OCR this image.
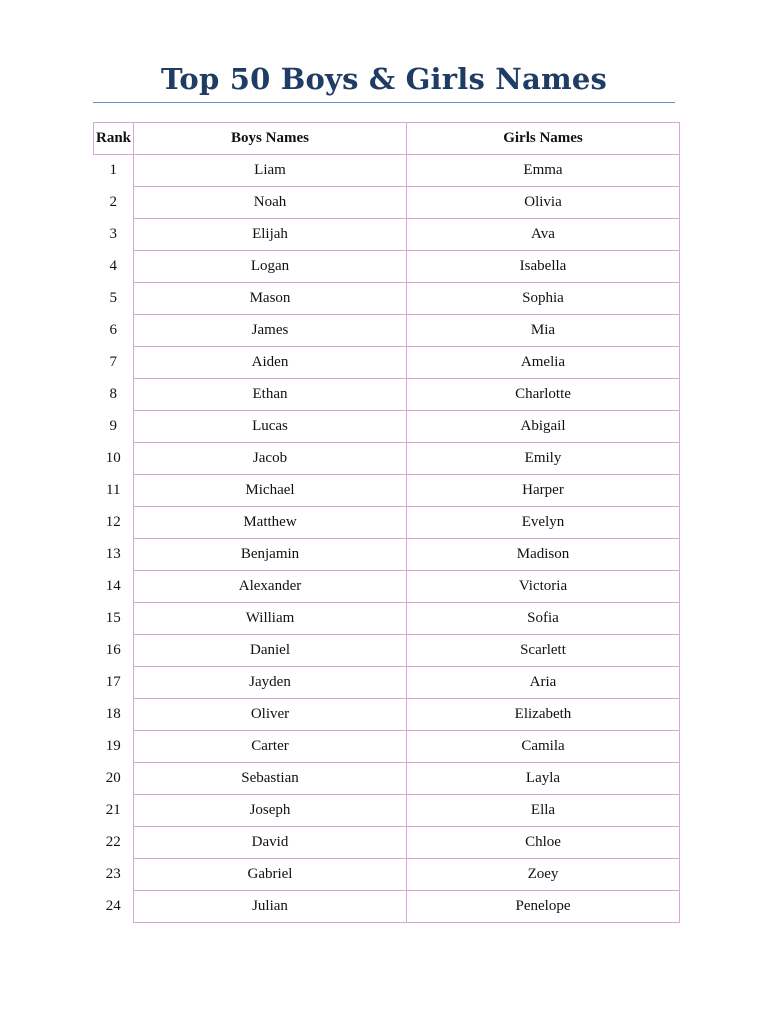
Top 50 Boys & Girls Names
Rank	Boys Names	Girls Names
1	Liam	Emma
2	Noah	Olivia
3	Elijah	Ava
4	Logan	Isabella
5	Mason	Sophia
6	James	Mia
7	Aiden	Amelia
8	Ethan	Charlotte
9	Lucas	Abigail
10	Jacob	Emily
11	Michael	Harper
12	Matthew	Evelyn
13	Benjamin	Madison
14	Alexander	Victoria
15	William	Sofia
16	Daniel	Scarlett
17	Jayden	Aria
18	Oliver	Elizabeth
19	Carter	Camila
20	Sebastian	Layla
21	Joseph	Ella
22	David	Chloe
23	Gabriel	Zoey
24	Julian	Penelope
